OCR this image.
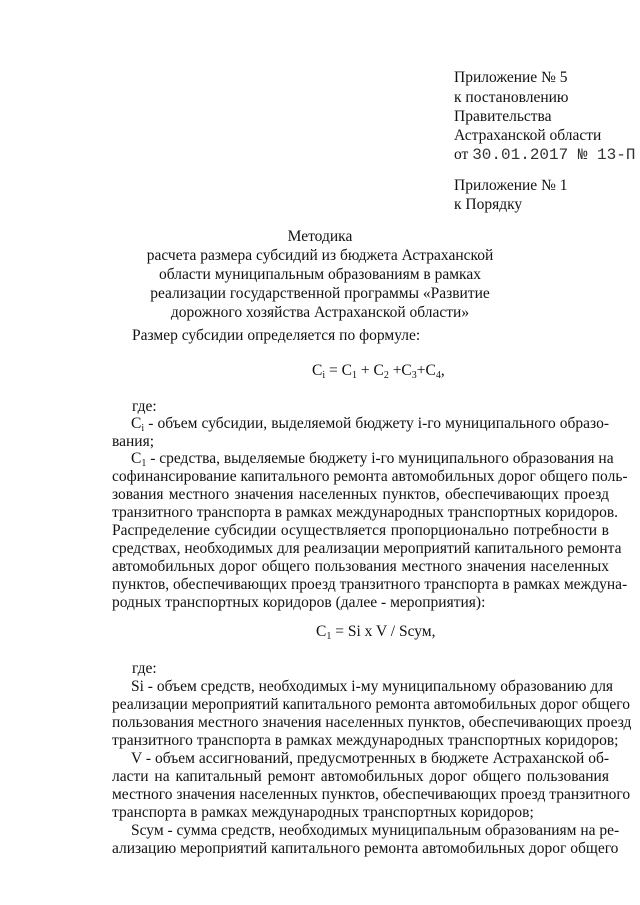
Приложение № 5
к постановлению
Правительства
Астраханской области
от 30.01.2017 № 13-П
Приложение № 1
к Порядку
Методика
расчета размера субсидий из бюджета Астраханской
области муниципальным образованиям в рамках
реализации государственной программы «Развитие
дорожного хозяйства Астраханской области»
Размер субсидии определяется по формуле:
Ci = C1 + C2 +C3+C4,
где:
Ci - объем субсидии, выделяемой бюджету i-го муниципального образо-
вания;
C1 - средства, выделяемые бюджету i-го муниципального образования на
софинансирование капитального ремонта автомобильных дорог общего поль-
зования местного значения населенных пунктов, обеспечивающих проезд
транзитного транспорта в рамках международных транспортных коридоров.
Распределение субсидии осуществляется пропорционально потребности в
средствах, необходимых для реализации мероприятий капитального ремонта
автомобильных дорог общего пользования местного значения населенных
пунктов, обеспечивающих проезд транзитного транспорта в рамках междуна-
родных транспортных коридоров (далее - мероприятия):
C1 = Si x V / Sсум,
где:
Si - объем средств, необходимых i-му муниципальному образованию для
реализации мероприятий капитального ремонта автомобильных дорог общего
пользования местного значения населенных пунктов, обеспечивающих проезд
транзитного транспорта в рамках международных транспортных коридоров;
V - объем ассигнований, предусмотренных в бюджете Астраханской об-
ласти на капитальный ремонт автомобильных дорог общего пользования
местного значения населенных пунктов, обеспечивающих проезд транзитного
транспорта в рамках международных транспортных коридоров;
Sсум - сумма средств, необходимых муниципальным образованиям на ре-
ализацию мероприятий капитального ремонта автомобильных дорог общего
